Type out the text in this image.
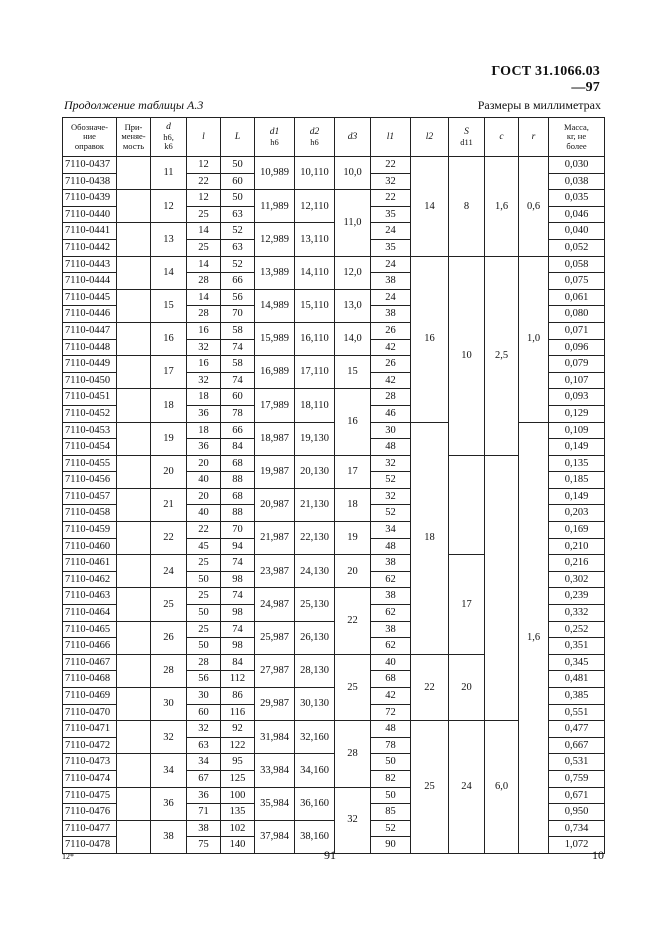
ГОСТ 31.1066.03—97
Продолжение таблицы А.3	Размеры в миллиметрах
Обозначе-
ние
оправок	При-
меняе-
мость	d
h6,
k6	l	L	d1
h6	d2
h6	d3	l1	l2	S
d11	c	r	Масса,
кг, не
более
7110-0437		11	12	50	10,989	10,110	10,0	22	14	8	1,6	0,6	0,030
7110-0438			22	60				32					0,038
7110-0439		12	12	50	11,989	12,110	11,0	22					0,035
7110-0440			25	63				35					0,046
7110-0441		13	14	52	12,989	13,110		24					0,040
7110-0442			25	63				35					0,052
7110-0443		14	14	52	13,989	14,110	12,0	24	16	10	2,5	1,0	0,058
7110-0444			28	66				38					0,075
7110-0445		15	14	56	14,989	15,110	13,0	24					0,061
7110-0446			28	70				38					0,080
7110-0447		16	16	58	15,989	16,110	14,0	26					0,071
7110-0448			32	74				42					0,096
7110-0449		17	16	58	16,989	17,110	15	26					0,079
7110-0450			32	74				42					0,107
7110-0451		18	18	60	17,989	18,110	16	28					0,093
7110-0452			36	78				46					0,129
7110-0453		19	18	66	18,987	19,130		30	18			1,6	0,109
7110-0454			36	84				48					0,149
7110-0455		20	20	68	19,987	20,130	17	32					0,135
7110-0456			40	88				52					0,185
7110-0457		21	20	68	20,987	21,130	18	32					0,149
7110-0458			40	88				52					0,203
7110-0459		22	22	70	21,987	22,130	19	34					0,169
7110-0460			45	94				48					0,210
7110-0461		24	25	74	23,987	24,130	20	38		17			0,216
7110-0462			50	98				62					0,302
7110-0463		25	25	74	24,987	25,130	22	38					0,239
7110-0464			50	98				62					0,332
7110-0465		26	25	74	25,987	26,130		38					0,252
7110-0466			50	98				62					0,351
7110-0467		28	28	84	27,987	28,130	25	40	22	20			0,345
7110-0468			56	112				68					0,481
7110-0469		30	30	86	29,987	30,130		42					0,385
7110-0470			60	116				72					0,551
7110-0471		32	32	92	31,984	32,160	28	48	25	24	6,0		0,477
7110-0472			63	122				78					0,667
7110-0473		34	34	95	33,984	34,160		50					0,531
7110-0474			67	125				82					0,759
7110-0475		36	36	100	35,984	36,160	32	50					0,671
7110-0476			71	135				85					0,950
7110-0477		38	38	102	37,984	38,160		52					0,734
7110-0478			75	140				90					1,072
12*	91	10
